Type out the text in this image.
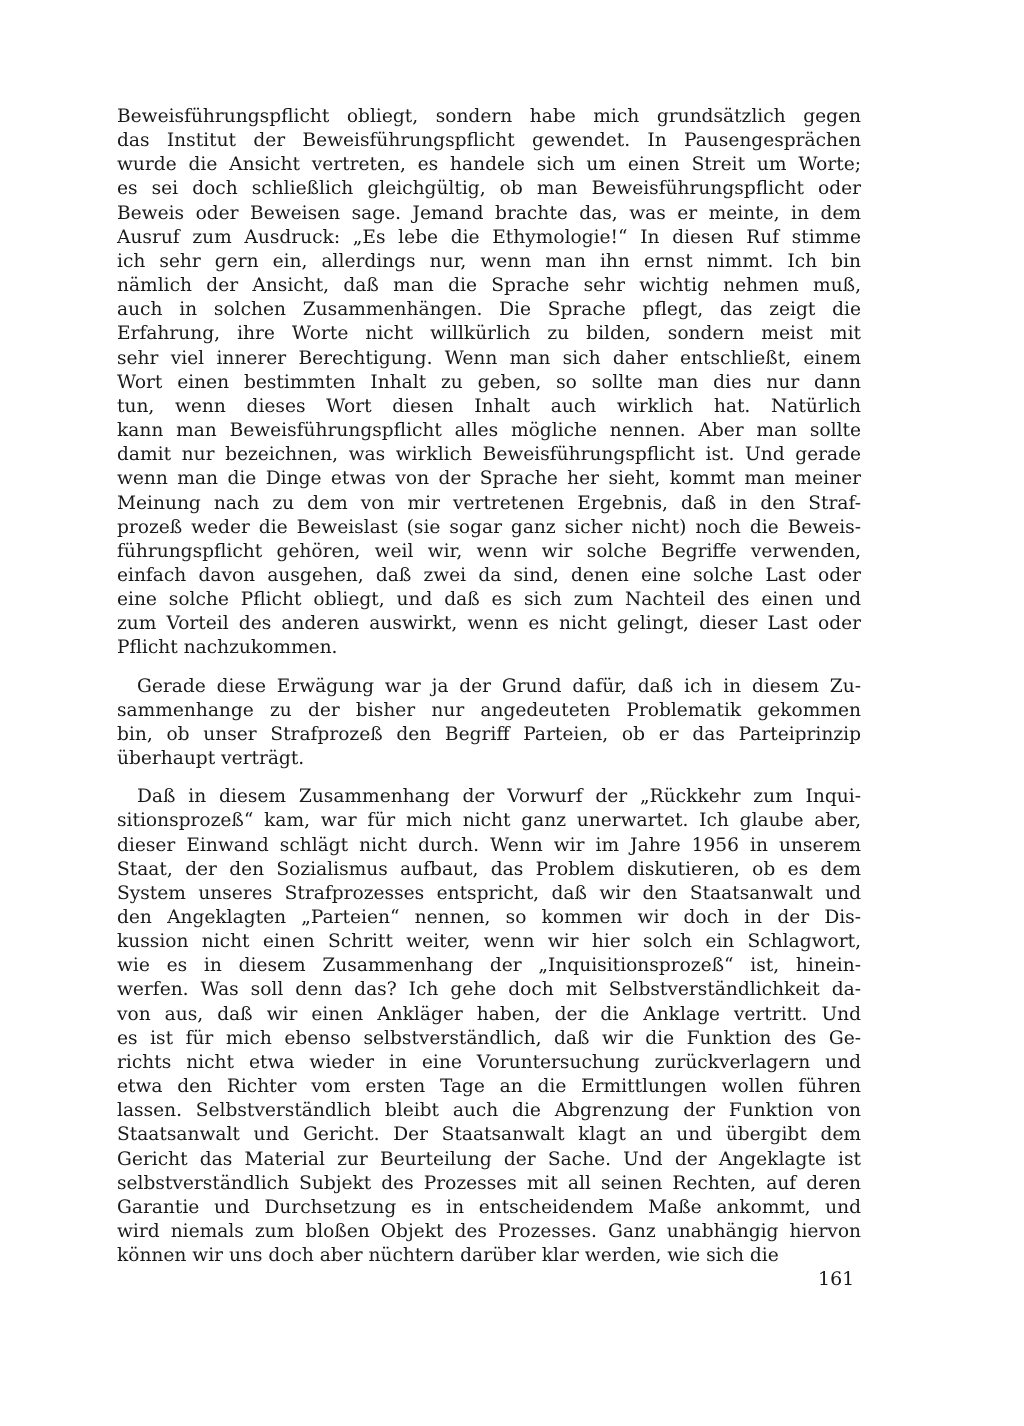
Beweisführungspflicht obliegt, sondern habe mich grundsätzlich gegen
das Institut der Beweisführungspflicht gewendet. In Pausengesprächen
wurde die Ansicht vertreten, es handele sich um einen Streit um Worte;
es sei doch schließlich gleichgültig, ob man Beweisführungspflicht oder
Beweis oder Beweisen sage. Jemand brachte das, was er meinte, in dem
Ausruf zum Ausdruck: „Es lebe die Ethymologie!“ In diesen Ruf stimme
ich sehr gern ein, allerdings nur, wenn man ihn ernst nimmt. Ich bin
nämlich der Ansicht, daß man die Sprache sehr wichtig nehmen muß,
auch in solchen Zusammenhängen. Die Sprache pflegt, das zeigt die
Erfahrung, ihre Worte nicht willkürlich zu bilden, sondern meist mit
sehr viel innerer Berechtigung. Wenn man sich daher entschließt, einem
Wort einen bestimmten Inhalt zu geben, so sollte man dies nur dann
tun, wenn dieses Wort diesen Inhalt auch wirklich hat. Natürlich
kann man Beweisführungspflicht alles mögliche nennen. Aber man sollte
damit nur bezeichnen, was wirklich Beweisführungspflicht ist. Und gerade
wenn man die Dinge etwas von der Sprache her sieht, kommt man meiner
Meinung nach zu dem von mir vertretenen Ergebnis, daß in den Straf-
prozeß weder die Beweislast (sie sogar ganz sicher nicht) noch die Beweis-
führungspflicht gehören, weil wir, wenn wir solche Begriffe verwenden,
einfach davon ausgehen, daß zwei da sind, denen eine solche Last oder
eine solche Pflicht obliegt, und daß es sich zum Nachteil des einen und
zum Vorteil des anderen auswirkt, wenn es nicht gelingt, dieser Last oder
Pflicht nachzukommen.
Gerade diese Erwägung war ja der Grund dafür, daß ich in diesem Zu-
sammenhange zu der bisher nur angedeuteten Problematik gekommen
bin, ob unser Strafprozeß den Begriff Parteien, ob er das Parteiprinzip
überhaupt verträgt.
Daß in diesem Zusammenhang der Vorwurf der „Rückkehr zum Inqui-
sitionsprozeß“ kam, war für mich nicht ganz unerwartet. Ich glaube aber,
dieser Einwand schlägt nicht durch. Wenn wir im Jahre 1956 in unserem
Staat, der den Sozialismus aufbaut, das Problem diskutieren, ob es dem
System unseres Strafprozesses entspricht, daß wir den Staatsanwalt und
den Angeklagten „Parteien“ nennen, so kommen wir doch in der Dis-
kussion nicht einen Schritt weiter, wenn wir hier solch ein Schlagwort,
wie es in diesem Zusammenhang der „Inquisitionsprozeß“ ist, hinein-
werfen. Was soll denn das? Ich gehe doch mit Selbstverständlichkeit da-
von aus, daß wir einen Ankläger haben, der die Anklage vertritt. Und
es ist für mich ebenso selbstverständlich, daß wir die Funktion des Ge-
richts nicht etwa wieder in eine Voruntersuchung zurückverlagern und
etwa den Richter vom ersten Tage an die Ermittlungen wollen führen
lassen. Selbstverständlich bleibt auch die Abgrenzung der Funktion von
Staatsanwalt und Gericht. Der Staatsanwalt klagt an und übergibt dem
Gericht das Material zur Beurteilung der Sache. Und der Angeklagte ist
selbstverständlich Subjekt des Prozesses mit all seinen Rechten, auf deren
Garantie und Durchsetzung es in entscheidendem Maße ankommt, und
wird niemals zum bloßen Objekt des Prozesses. Ganz unabhängig hiervon
können wir uns doch aber nüchtern darüber klar werden, wie sich die
161
